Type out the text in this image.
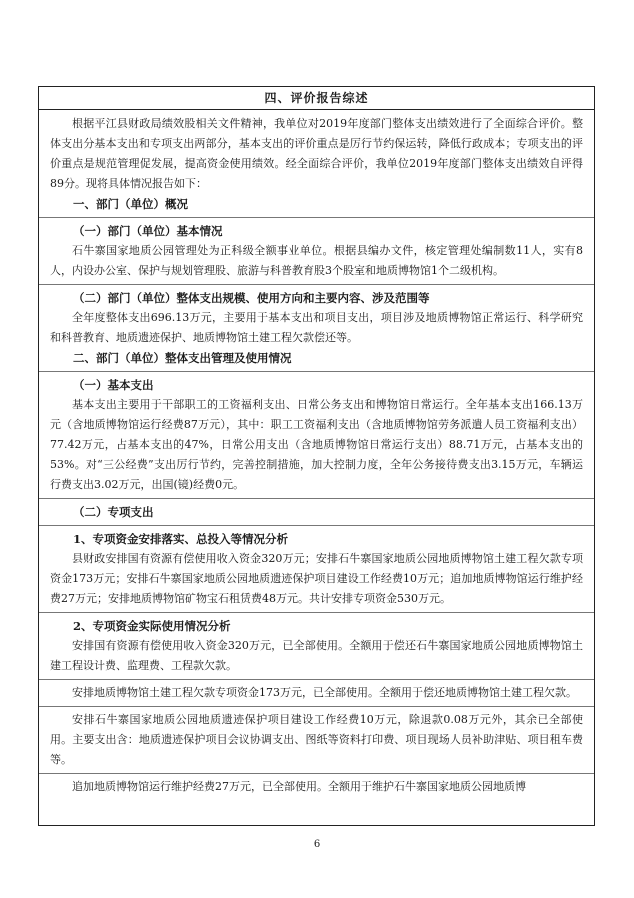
四、评价报告综述

根据平江县财政局绩效股相关文件精神，我单位对2019年度部门整体支出绩效进行了全面综合评价。整体支出分基本支出和专项支出两部分，基本支出的评价重点是厉行节约保运转，降低行政成本；专项支出的评价重点是规范管理促发展，提高资金使用绩效。经全面综合评价，我单位2019年度部门整体支出绩效自评得89分。现将具体情况报告如下：

一、部门（单位）概况

（一）部门（单位）基本情况

石牛寨国家地质公园管理处为正科级全额事业单位。根据县编办文件，核定管理处编制数11人，实有8人，内设办公室、保护与规划管理股、旅游与科普教育股3个股室和地质博物馆1个二级机构。

（二）部门（单位）整体支出规模、使用方向和主要内容、涉及范围等

全年度整体支出696.13万元，主要用于基本支出和项目支出，项目涉及地质博物馆正常运行、科学研究和科普教育、地质遗迹保护、地质博物馆土建工程欠款偿还等。

二、部门（单位）整体支出管理及使用情况

（一）基本支出

基本支出主要用于干部职工的工资福利支出、日常公务支出和博物馆日常运行。全年基本支出166.13万元（含地质博物馆运行经费87万元），其中：职工工资福利支出（含地质博物馆劳务派遣人员工资福利支出）77.42万元，占基本支出的47%，日常公用支出（含地质博物馆日常运行支出）88.71万元，占基本支出的53%。对“三公经费”支出厉行节约，完善控制措施，加大控制力度，全年公务接待费支出3.15万元，车辆运行费支出3.02万元，出国(镜)经费0元。

（二）专项支出

1、专项资金安排落实、总投入等情况分析

县财政安排国有资源有偿使用收入资金320万元；安排石牛寨国家地质公园地质博物馆土建工程欠款专项资金173万元；安排石牛寨国家地质公园地质遗迹保护项目建设工作经费10万元；追加地质博物馆运行维护经费27万元；安排地质博物馆矿物宝石租赁费48万元。共计安排专项资金530万元。

2、专项资金实际使用情况分析

安排国有资源有偿使用收入资金320万元，已全部使用。全额用于偿还石牛寨国家地质公园地质博物馆土建工程设计费、监理费、工程款欠款。

安排地质博物馆土建工程欠款专项资金173万元，已全部使用。全额用于偿还地质博物馆土建工程欠款。

安排石牛寨国家地质公园地质遗迹保护项目建设工作经费10万元，除退款0.08万元外，其余已全部使用。主要支出含：地质遗迹保护项目会议协调支出、图纸等资料打印费、项目现场人员补助津贴、项目租车费等。

追加地质博物馆运行维护经费27万元，已全部使用。全额用于维护石牛寨国家地质公园地质博

6
